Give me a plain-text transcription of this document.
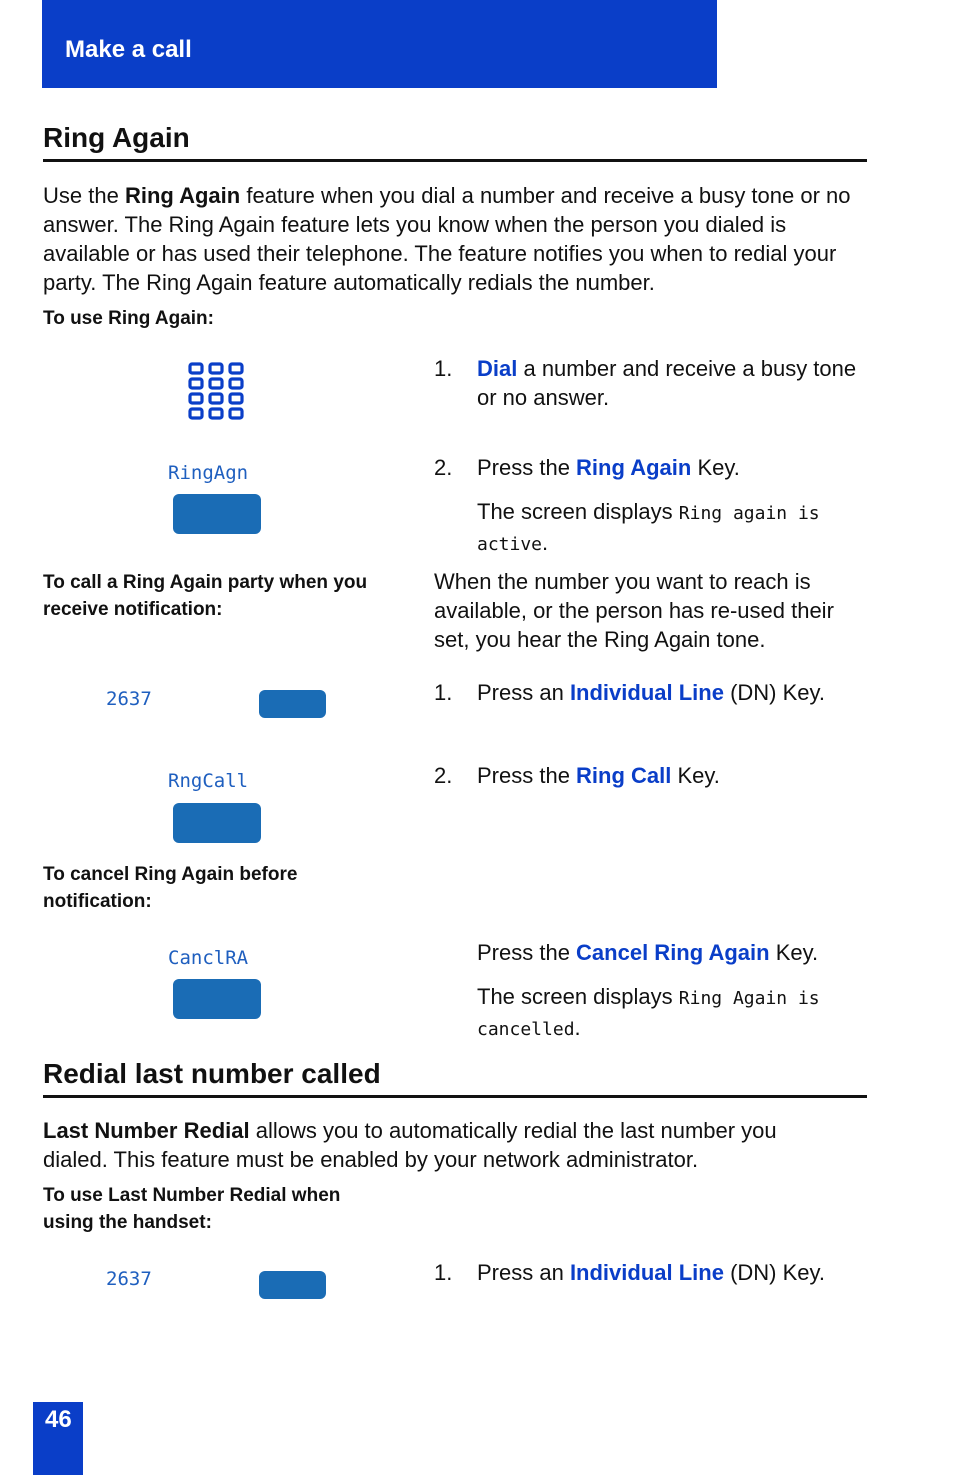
Make a call
Ring Again
Use the Ring Again feature when you dial a number and receive a busy tone or no answer. The Ring Again feature lets you know when the person you dialed is available or has used their telephone. The feature notifies you when to redial your party. The Ring Again feature automatically redials the number.
To use Ring Again:
1. Dial a number and receive a busy tone or no answer.
RingAgn	2. Press the Ring Again Key.
The screen displays Ring again is active.
To call a Ring Again party when you receive notification:
When the number you want to reach is available, or the person has re-used their set, you hear the Ring Again tone.
2637	1. Press an Individual Line (DN) Key.
RngCall	2. Press the Ring Call Key.
To cancel Ring Again before notification:
CanclRA	Press the Cancel Ring Again Key.
The screen displays Ring Again is cancelled.
Redial last number called
Last Number Redial allows you to automatically redial the last number you dialed. This feature must be enabled by your network administrator.
To use Last Number Redial when using the handset:
2637	1. Press an Individual Line (DN) Key.
46
